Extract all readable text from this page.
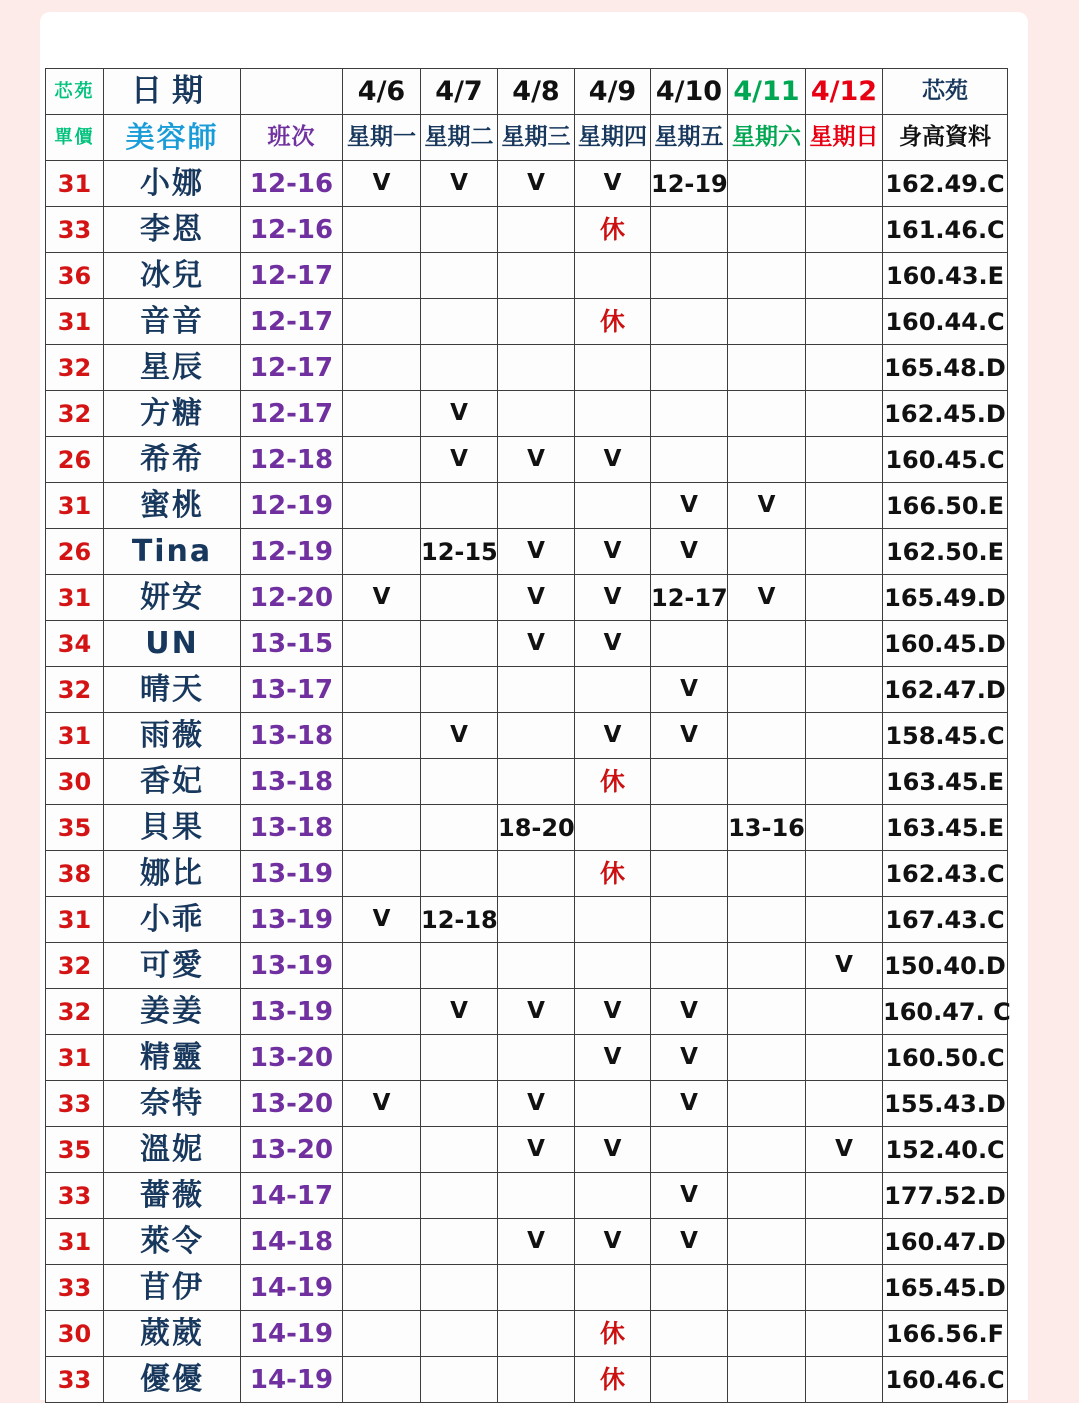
芯苑	日期		4/6	4/7	4/8	4/9	4/10	4/11	4/12	芯苑
單價	美容師	班次	星期一	星期二	星期三	星期四	星期五	星期六	星期日	身高資料
31	小娜	12-16	V	V	V	V	12-19			162.49.C
33	李恩	12-16				休				161.46.C
36	冰兒	12-17								160.43.E
31	音音	12-17				休				160.44.C
32	星辰	12-17								165.48.D
32	方糖	12-17		V						162.45.D
26	希希	12-18		V	V	V				160.45.C
31	蜜桃	12-19					V	V		166.50.E
26	Tina	12-19		12-15	V	V	V			162.50.E
31	妍安	12-20	V		V	V	12-17	V		165.49.D
34	UN	13-15			V	V				160.45.D
32	晴天	13-17					V			162.47.D
31	雨薇	13-18		V		V	V			158.45.C
30	香妃	13-18				休				163.45.E
35	貝果	13-18			18-20			13-16		163.45.E
38	娜比	13-19				休				162.43.C
31	小乖	13-19	V	12-18						167.43.C
32	可愛	13-19							V	150.40.D
32	姜姜	13-19		V	V	V	V			160.47. C
31	精靈	13-20				V	V			160.50.C
33	奈特	13-20	V		V		V			155.43.D
35	溫妮	13-20			V	V			V	152.40.C
33	薔薇	14-17					V			177.52.D
31	萊令	14-18			V	V	V			160.47.D
33	苜伊	14-19								165.45.D
30	葳葳	14-19				休				166.56.F
33	優優	14-19				休				160.46.C
